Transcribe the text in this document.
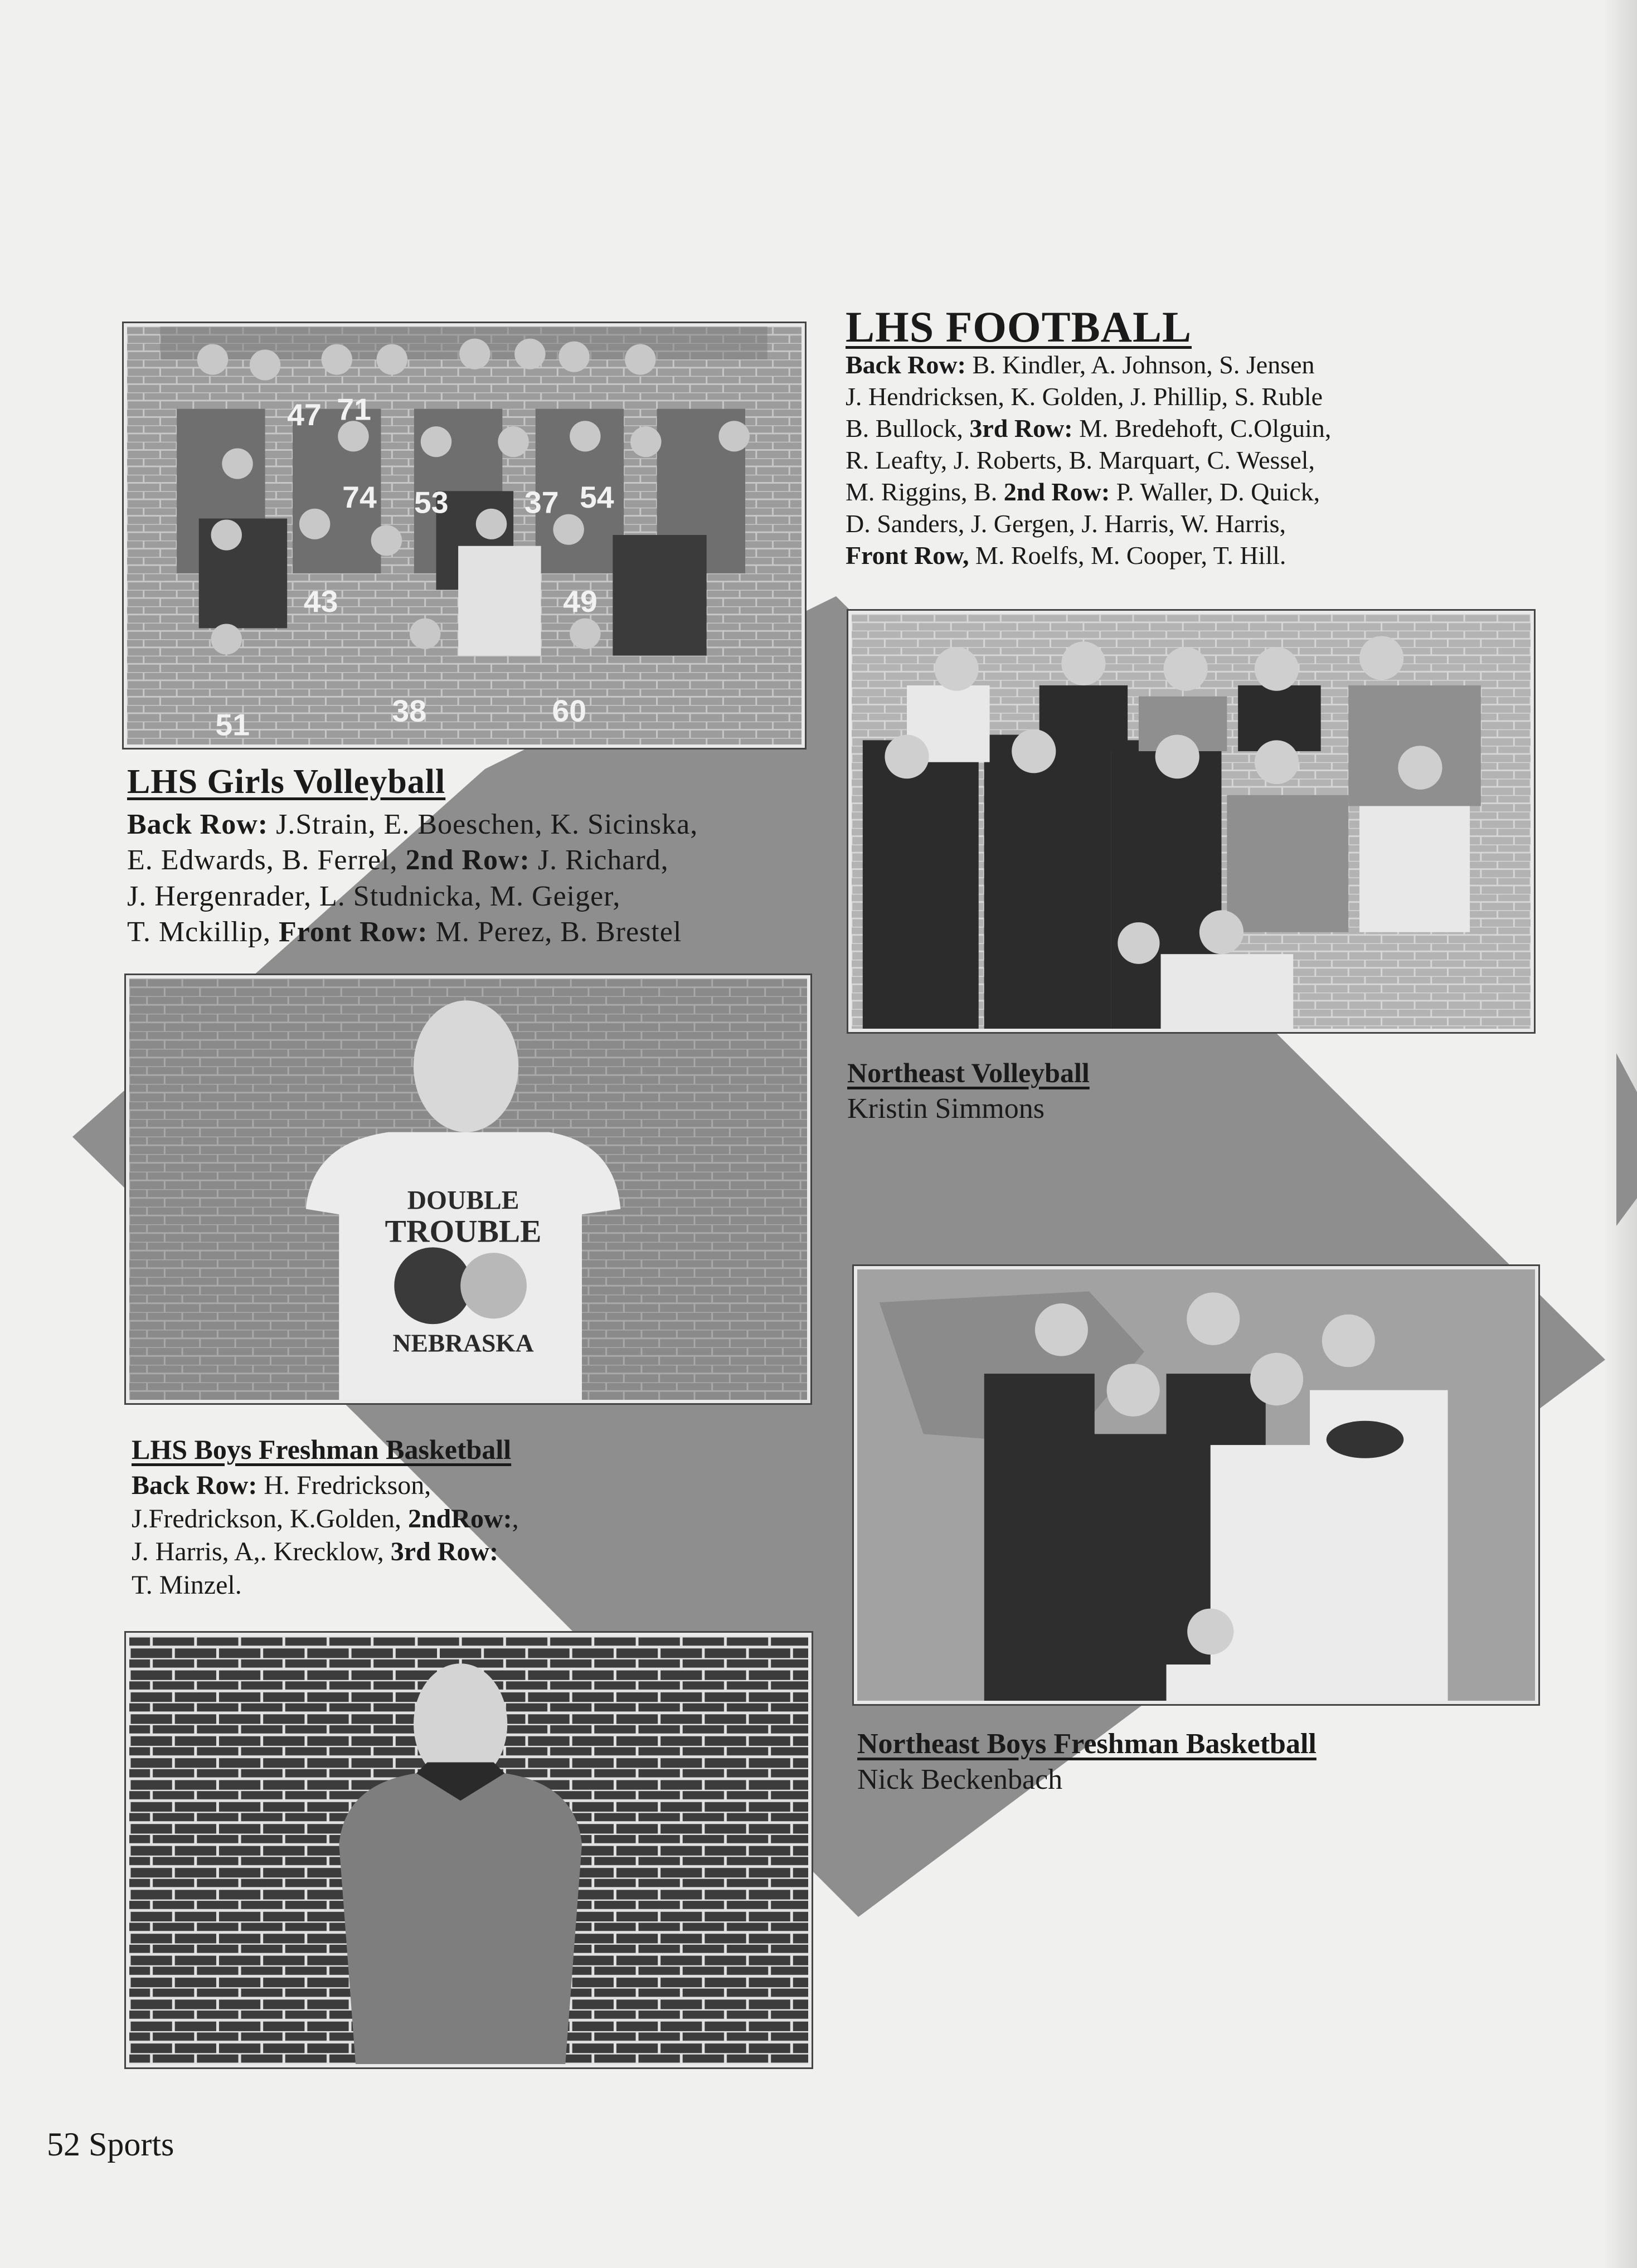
47 71
74 53 37 54
43	49
51	38	60
LHS FOOTBALL
Back Row: B. Kindler, A. Johnson, S. Jensen
J. Hendricksen, K. Golden, J. Phillip, S. Ruble
B. Bullock, 3rd Row: M. Bredehoft, C.Olguin,
R. Leafty, J. Roberts, B. Marquart, C. Wessel,
M. Riggins, B. 2nd Row: P. Waller, D. Quick,
D. Sanders, J. Gergen, J. Harris, W. Harris,
Front Row, M. Roelfs, M. Cooper, T. Hill.
LHS Girls Volleyball
Back Row: J.Strain, E. Boeschen, K. Sicinska,
E. Edwards, B. Ferrel, 2nd Row: J. Richard,
J. Hergenrader, L. Studnicka, M. Geiger,
T. Mckillip, Front Row: M. Perez, B. Brestel
DOUBLE
TROUBLE
NEBRASKA
Northeast Volleyball
Kristin Simmons
LHS Boys Freshman Basketball
Back Row: H. Fredrickson,
J.Fredrickson, K.Golden, 2ndRow:,
J. Harris, A,. Krecklow, 3rd Row:
T. Minzel.
Northeast Boys Freshman Basketball
Nick Beckenbach
52 Sports
